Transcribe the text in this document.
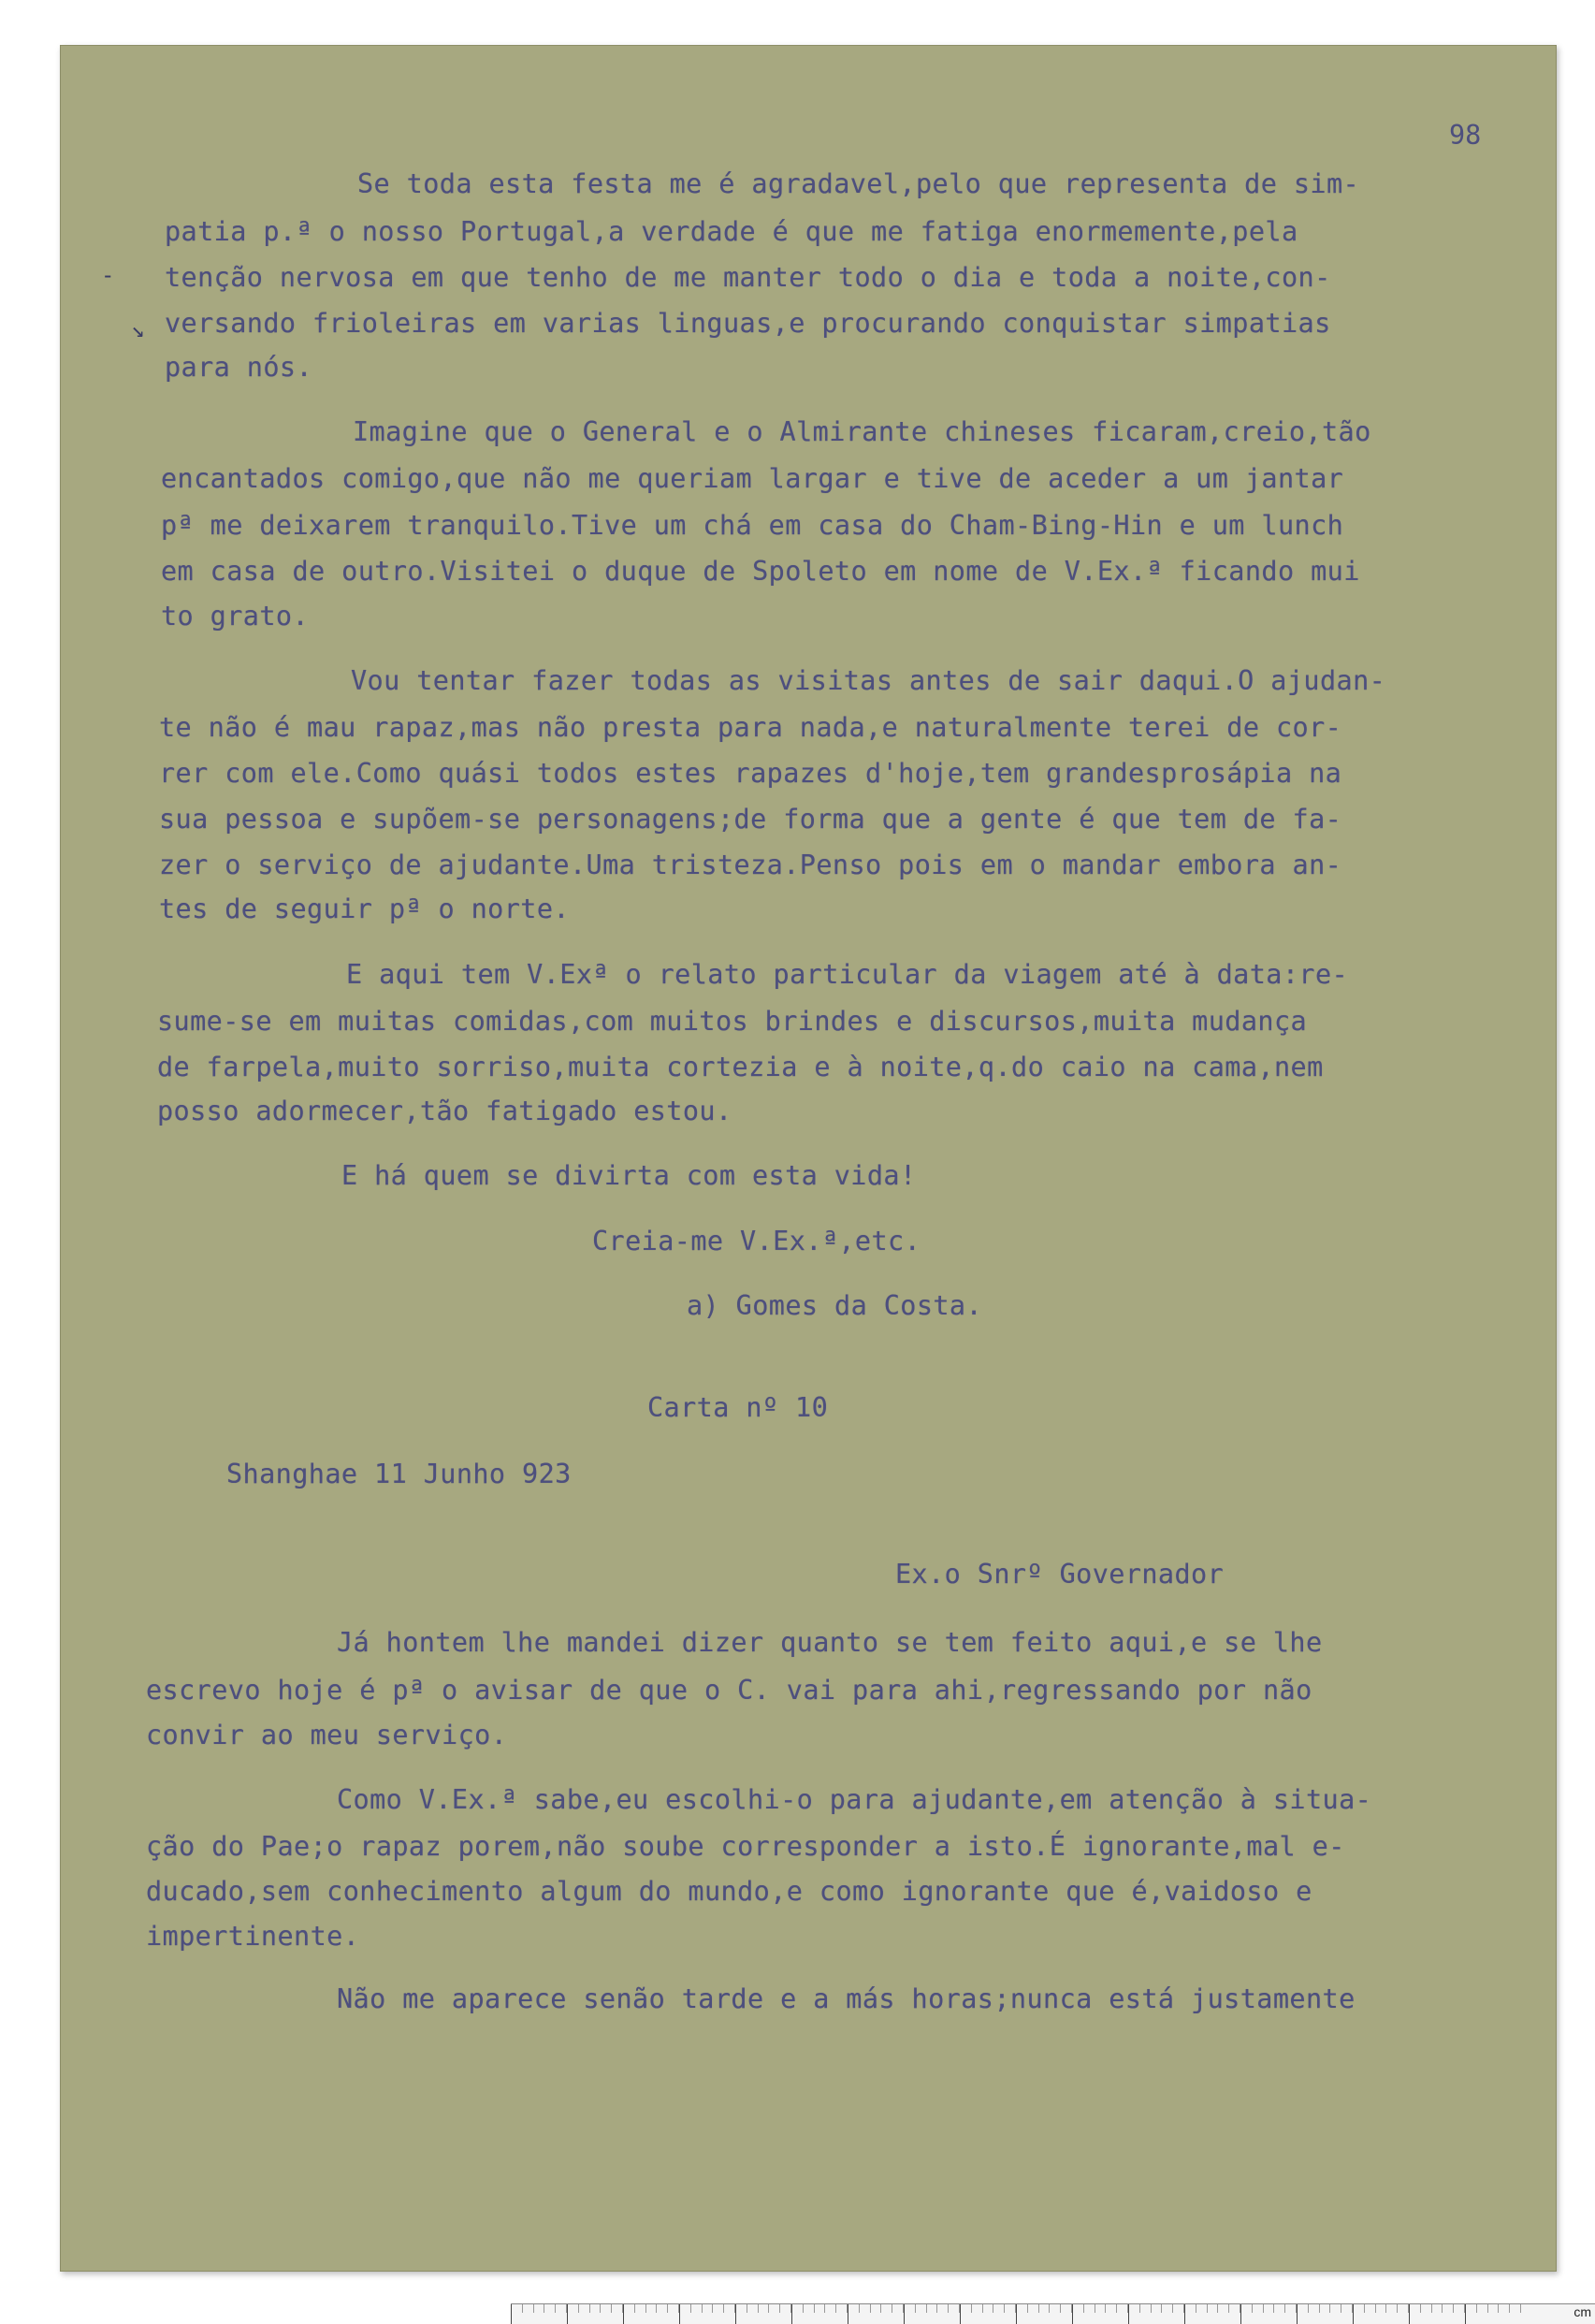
98
-
↘
Se toda esta festa me é agradavel,pelo que representa de sim-
patia p.ª o nosso Portugal,a verdade é que me fatiga enormemente,pela
tenção nervosa em que tenho de me manter todo o dia e toda a noite,con-
versando frioleiras em varias linguas,e procurando conquistar simpatias
para nós.
Imagine que o General e o Almirante chineses ficaram,creio,tão
encantados comigo,que não me queriam largar e tive de aceder a um jantar
pª me deixarem tranquilo.Tive um chá em casa do Cham-Bing-Hin e um lunch
em casa de outro.Visitei o duque de Spoleto em nome de V.Ex.ª ficando mui
to grato.
Vou tentar fazer todas as visitas antes de sair daqui.O ajudan-
te não é mau rapaz,mas não presta para nada,e naturalmente terei de cor-
rer com ele.Como quási todos estes rapazes d'hoje,tem grandesprosápia na
sua pessoa e supõem-se personagens;de forma que a gente é que tem de fa-
zer o serviço de ajudante.Uma tristeza.Penso pois em o mandar embora an-
tes de seguir pª o norte.
E aqui tem V.Exª o relato particular da viagem até à data:re-
sume-se em muitas comidas,com muitos brindes e discursos,muita mudança
de farpela,muito sorriso,muita cortezia e à noite,q.do caio na cama,nem
posso adormecer,tão fatigado estou.
E há quem se divirta com esta vida!
Creia-me V.Ex.ª,etc.
a) Gomes da Costa.
Carta nº 10
Shanghae 11 Junho 923
Ex.o Snrº Governador
Já hontem lhe mandei dizer quanto se tem feito aqui,e se lhe
escrevo hoje é pª o avisar de que o C. vai para ahi,regressando por não
convir ao meu serviço.
Como V.Ex.ª sabe,eu escolhi-o para ajudante,em atenção à situa-
ção do Pae;o rapaz porem,não soube corresponder a isto.É ignorante,mal e-
ducado,sem conhecimento algum do mundo,e como ignorante que é,vaidoso e
impertinente.
Não me aparece senão tarde e a más horas;nunca está justamente
cm
